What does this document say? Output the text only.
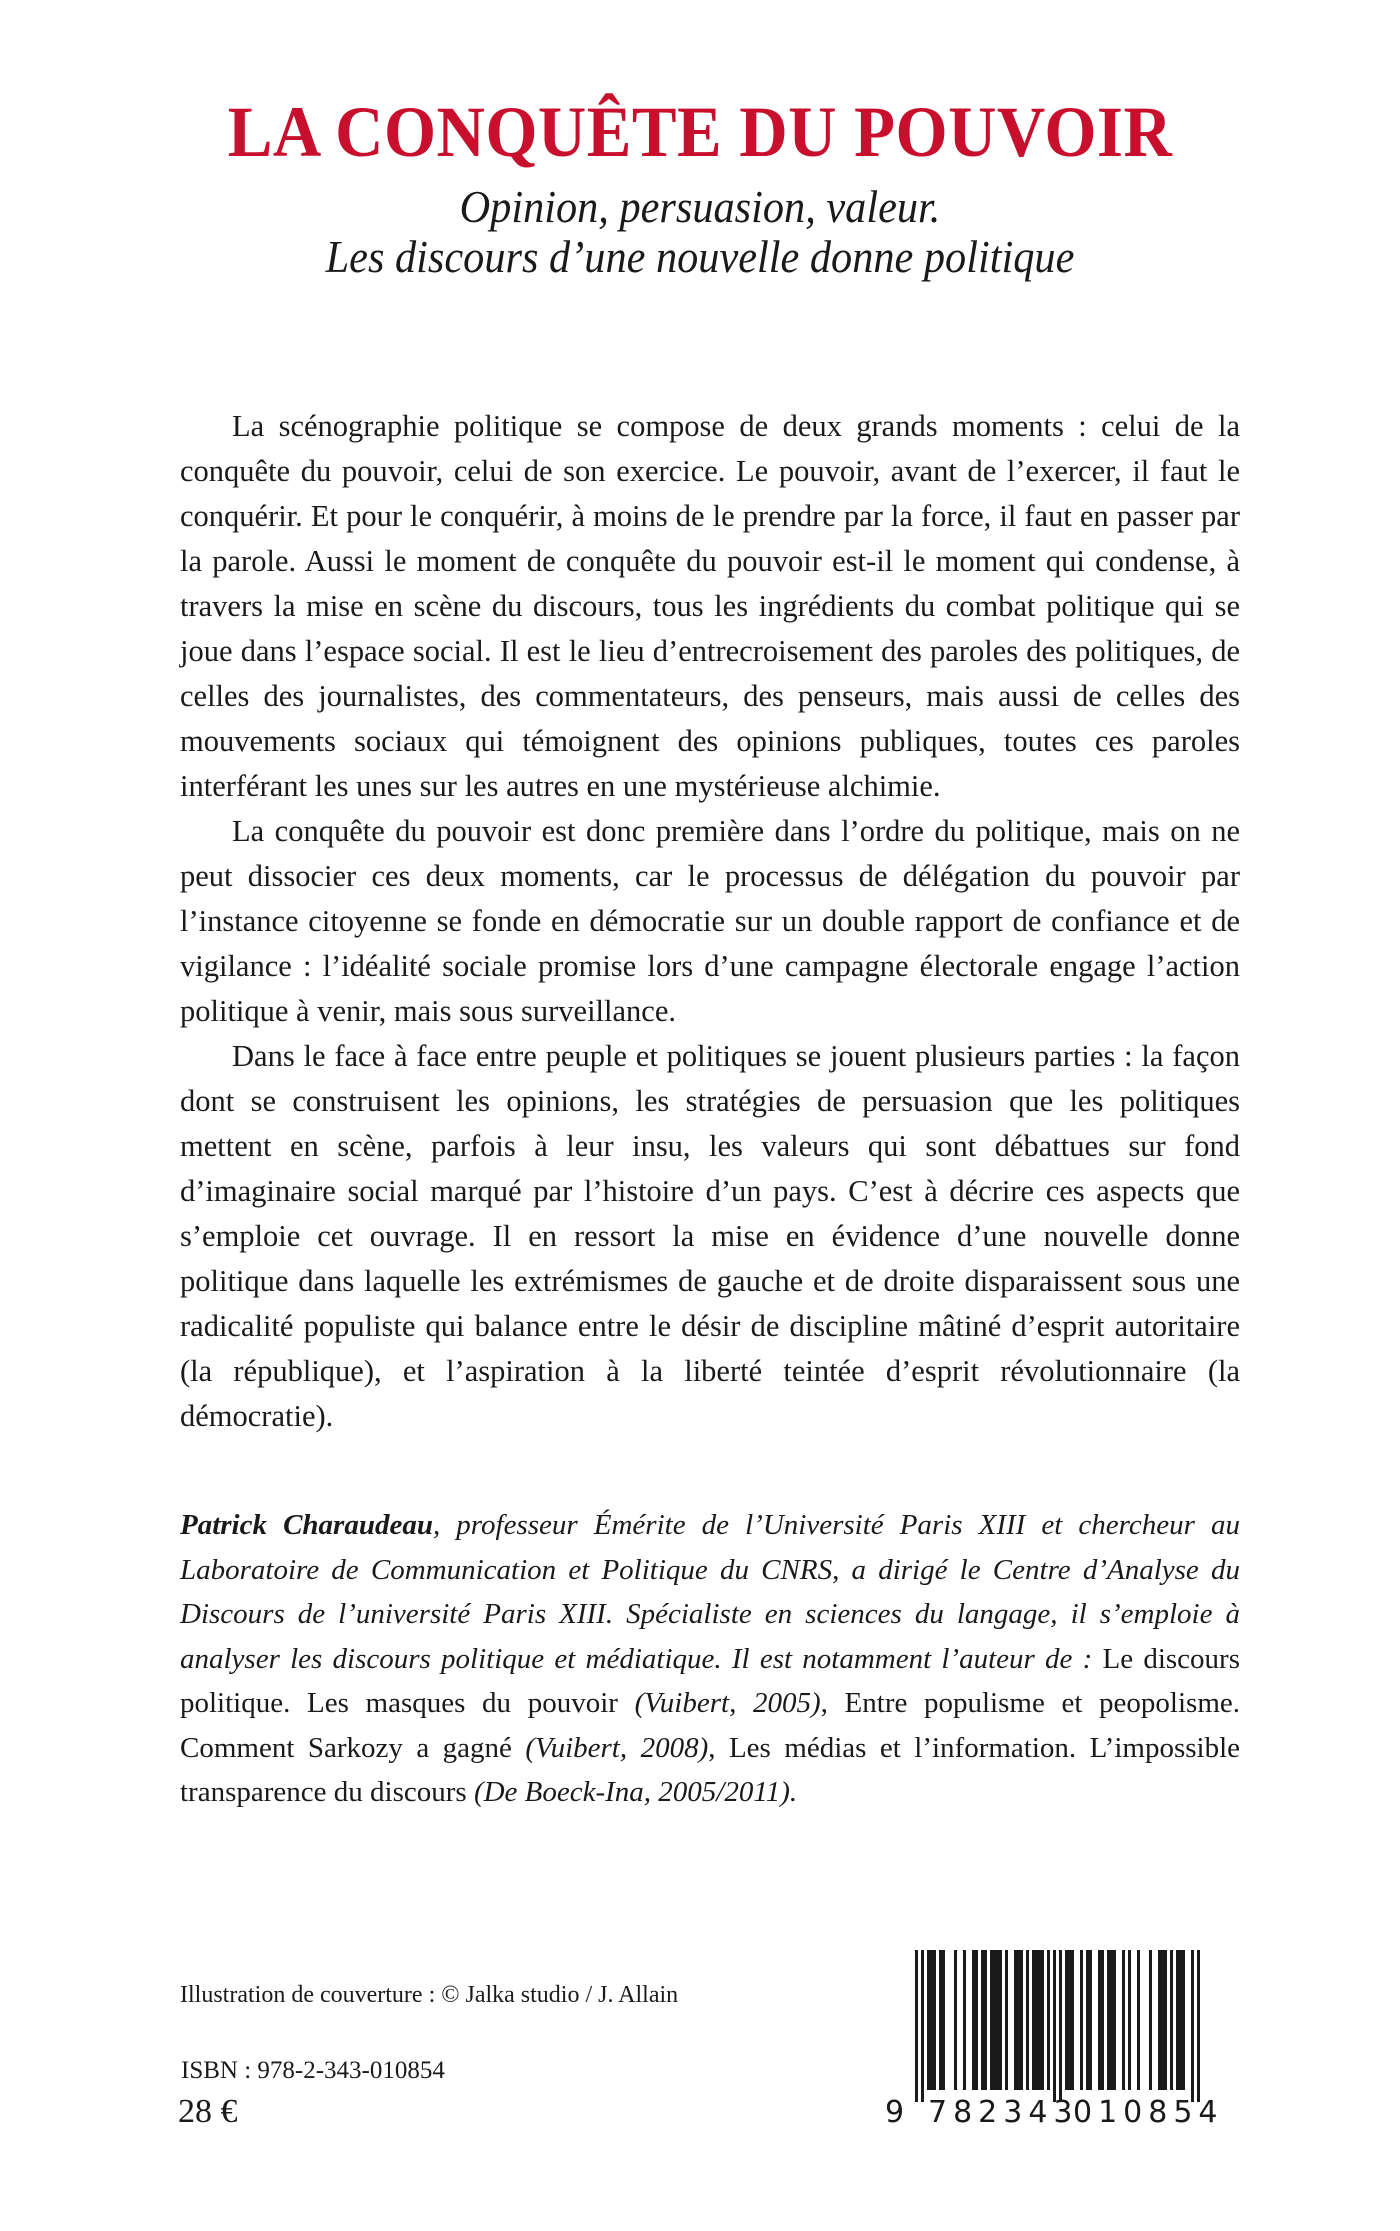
LA CONQUÊTE DU POUVOIR
Opinion, persuasion, valeur.
Les discours d’une nouvelle donne politique

La scénographie politique se compose de deux grands moments : celui de la conquête du pouvoir, celui de son exercice. Le pouvoir, avant de l’exercer, il faut le conquérir. Et pour le conquérir, à moins de le prendre par la force, il faut en passer par la parole. Aussi le moment de conquête du pouvoir est-il le moment qui condense, à travers la mise en scène du discours, tous les ingrédients du combat politique qui se joue dans l’espace social. Il est le lieu d’entrecroisement des paroles des politiques, de celles des journalistes, des commentateurs, des penseurs, mais aussi de celles des mouvements sociaux qui témoignent des opinions publiques, toutes ces paroles interférant les unes sur les autres en une mystérieuse alchimie.

La conquête du pouvoir est donc première dans l’ordre du politique, mais on ne peut dissocier ces deux moments, car le processus de délégation du pouvoir par l’instance citoyenne se fonde en démocratie sur un double rapport de confiance et de vigilance : l’idéalité sociale promise lors d’une campagne électorale engage l’action politique à venir, mais sous surveillance.

Dans le face à face entre peuple et politiques se jouent plusieurs parties : la façon dont se construisent les opinions, les stratégies de persuasion que les politiques mettent en scène, parfois à leur insu, les valeurs qui sont débattues sur fond d’imaginaire social marqué par l’histoire d’un pays. C’est à décrire ces aspects que s’emploie cet ouvrage. Il en ressort la mise en évidence d’une nouvelle donne politique dans laquelle les extrémismes de gauche et de droite disparaissent sous une radicalité populiste qui balance entre le désir de discipline mâtiné d’esprit autoritaire (la république), et l’aspiration à la liberté teintée d’esprit révolutionnaire (la démocratie).

Patrick Charaudeau, professeur Émérite de l’Université Paris XIII et chercheur au Laboratoire de Communication et Politique du CNRS, a dirigé le Centre d’Analyse du Discours de l’université Paris XIII. Spécialiste en sciences du langage, il s’emploie à analyser les discours politique et médiatique. Il est notamment l’auteur de : Le discours politique. Les masques du pouvoir (Vuibert, 2005), Entre populisme et peopolisme. Comment Sarkozy a gagné (Vuibert, 2008), Les médias et l’information. L’impossible transparence du discours (De Boeck-Ina, 2005/2011).

Illustration de couverture : © Jalka studio / J. Allain

ISBN : 978-2-343-010854

28 €	9 782343
010854
